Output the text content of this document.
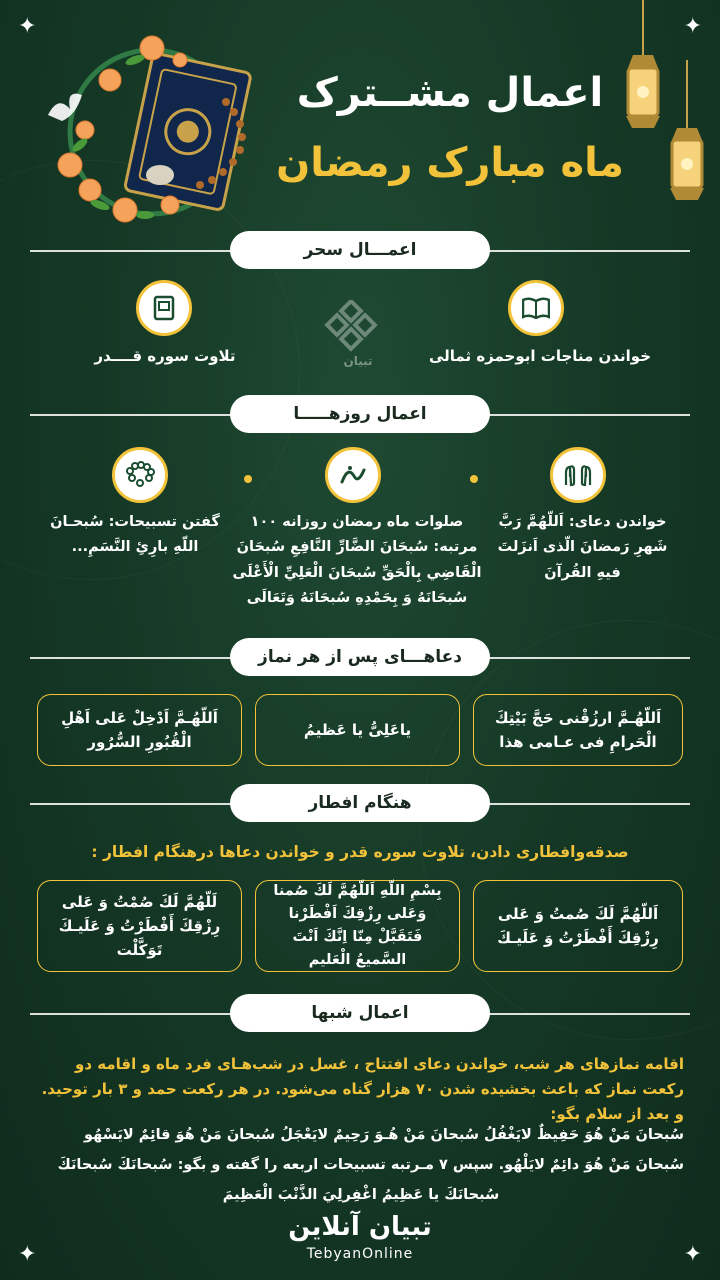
✦	✦
✦	✦
اعمال مشــترک
ماه مبارک رمضان
اعمـــال سحر
خواندن مناجات ابوحمزه ثمالی
تلاوت سوره قــــدر	تبیان
اعمال روزهـــــا
خواندن دعای: اَللّهُمَّ رَبَّ شَهرِ رَمضانَ الّذی اَنزَلتَ فیهِ القُرآنَ
صلوات ماه رمضان روزانه ۱۰۰ مرتبه: سُبحَانَ الضَّارِّ النَّافِعِ سُبحَانَ الْقَاضِي بِالْحَقِّ سُبحَانَ الْعَلِيِّ الْأَعْلَى سُبحَانَهُ وَ بِحَمْدِهِ سُبحَانَهُ وَتَعَالَى
گفتن تسبیحات: سُبحـانَ اللّهِ بارِئِ النَّسَمِ...
دعاهـــای پس از هر نماز
اَللّهُـمَّ ارزُقْنی حَجَّ بَیْتِكَ الْحَرامِ فی عـامی هذا
یاعَلِیُّ یا عَظیمُ
اَللّهُـمَّ اَدْخِلْ عَلی اَهْلِ الْقُبُورِ السُّرُور
هنگام افطار
صدقه‌وافطاری دادن، تلاوت سوره قدر و خواندن دعاها درهنگام افطار :
اَللّهُمَّ لَكَ صُمتُ وَ عَلی رِزْقِكَ أَفْطَرْتُ وَ عَلَیـكَ
بِسْمِ اللّهِ اَللّهُمَّ لَكَ صُمنا وَعَلی رِزْقِكَ اَفْطَرْنا فَتَقَبَّلْ مِنّا اِنَّكَ اَنْتَ السَّميعُ الْعَليم
لَلّهُمَّ لَكَ صُمْتُ وَ عَلی رِزْقِكَ أَفْطَرْتُ وَ عَلَیـكَ تَوَكَّلْت
اعمال شبها
اقامه نمازهای هر شب، خواندن دعای افتتاح ، غسل در شب‌هـای فرد ماه و اقامه دو رکعت نماز که باعث بخشیده شدن ۷۰ هزار گناه می‌شود. در هر رکعت حمد و ۳ بار توحید. و بعد از سلام بگو:
سُبحانَ مَنْ هُوَ حَفِيظٌ لايَغْفُلُ سُبحانَ مَنْ هُـوَ رَحِيمٌ لايَعْجَلُ سُبحانَ مَنْ هُوَ قائِمٌ لايَسْهُو
سُبحانَ مَنْ هُوَ دائِمٌ لايَلْهُو. سپس ۷ مـرتبه تسبيحات اربعه را گفته و بگو: سُبحانَكَ سُبحانَكَ
سُبحانَكَ يا عَظِيمُ اغْفِرلِيَ الذَّنْبَ الْعَظِيمَ
تبیان آنلاین
TebyanOnline
